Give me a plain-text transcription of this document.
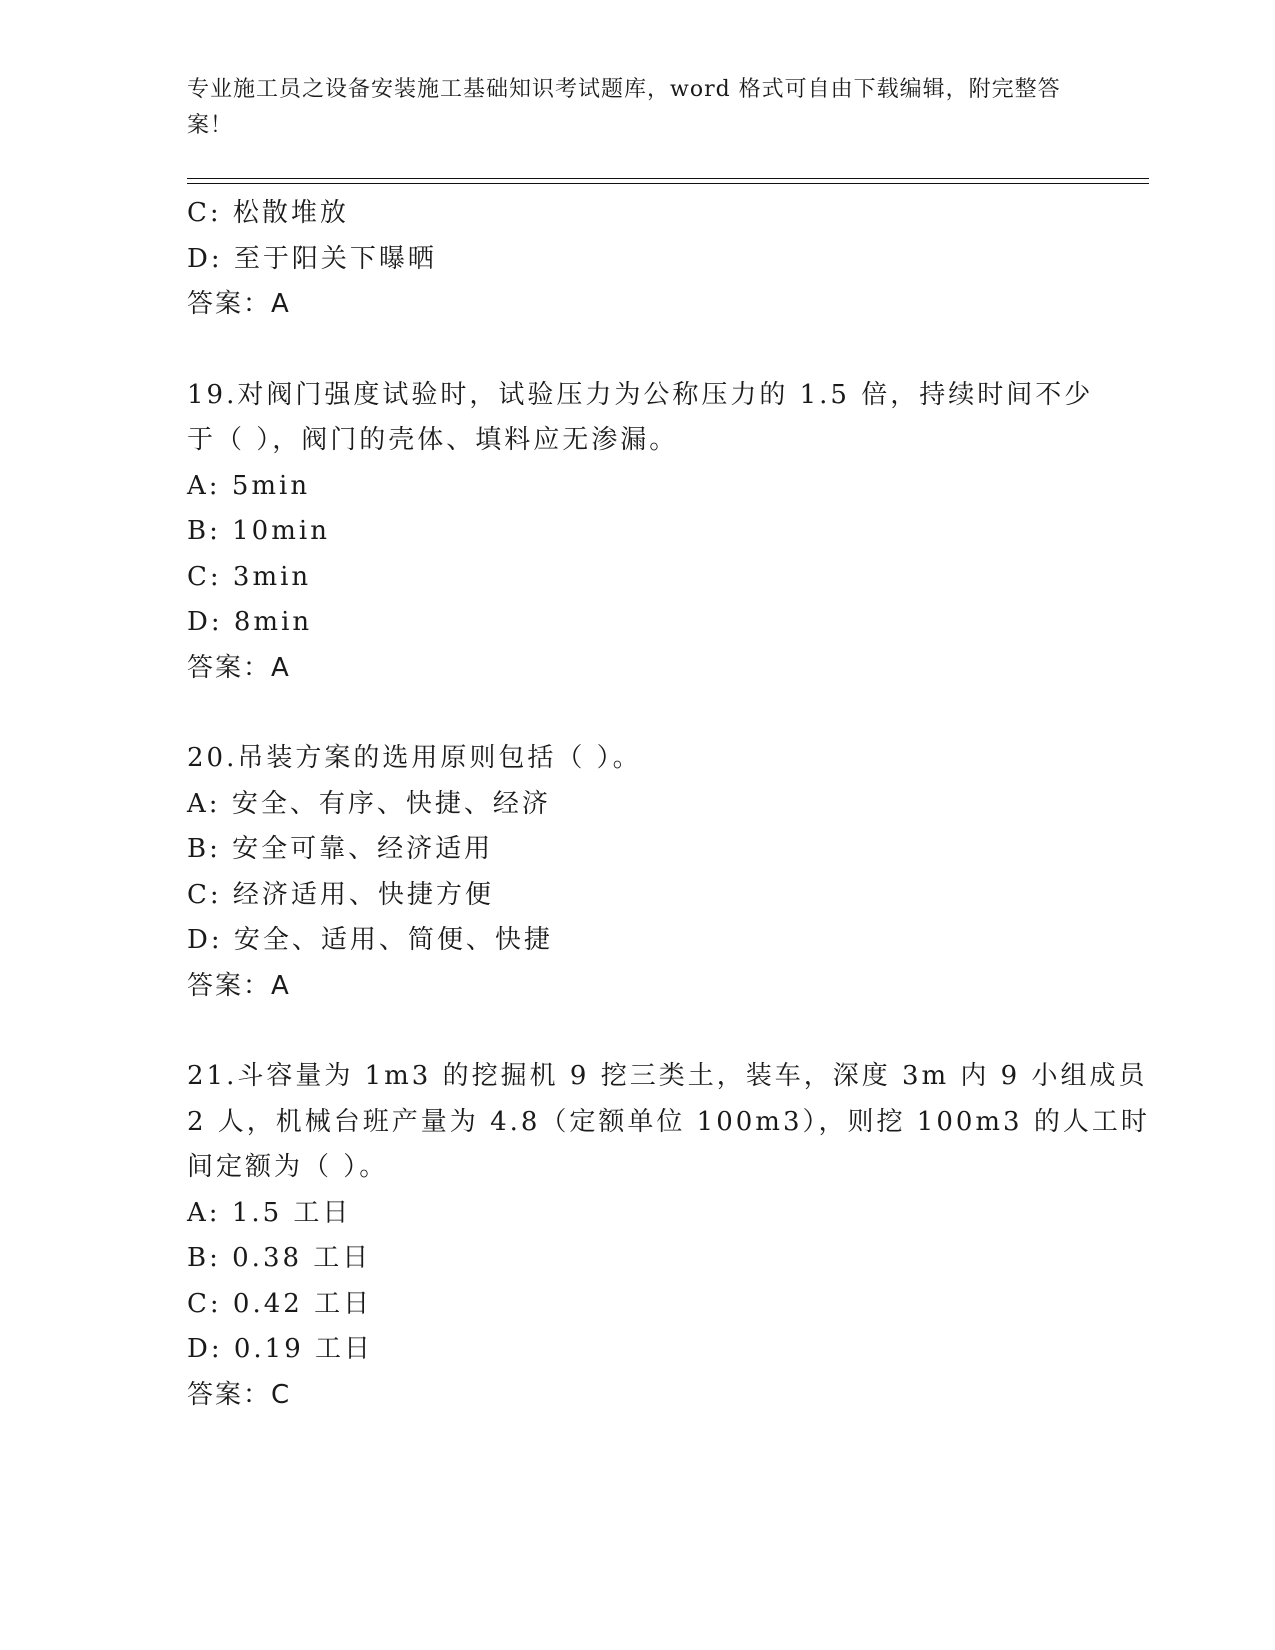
专业施工员之设备安装施工基础知识考试题库，word 格式可自由下载编辑，附完整答案！
C: 松散堆放
D: 至于阳关下曝晒
答案：A
19.对阀门强度试验时，试验压力为公称压力的 1.5 倍，持续时间不少
于（ ），阀门的壳体、填料应无渗漏。
A: 5min
B: 10min
C: 3min
D: 8min
答案：A
20.吊装方案的选用原则包括（ ）。
A: 安全、有序、快捷、经济
B: 安全可靠、经济适用
C: 经济适用、快捷方便
D: 安全、适用、简便、快捷
答案：A
21.斗容量为 1m3 的挖掘机 9 挖三类土，装车，深度 3m 内 9 小组成员
2 人，机械台班产量为 4.8（定额单位 100m3），则挖 100m3 的人工时
间定额为（ ）。
A: 1.5 工日
B: 0.38 工日
C: 0.42 工日
D: 0.19 工日
答案：C
